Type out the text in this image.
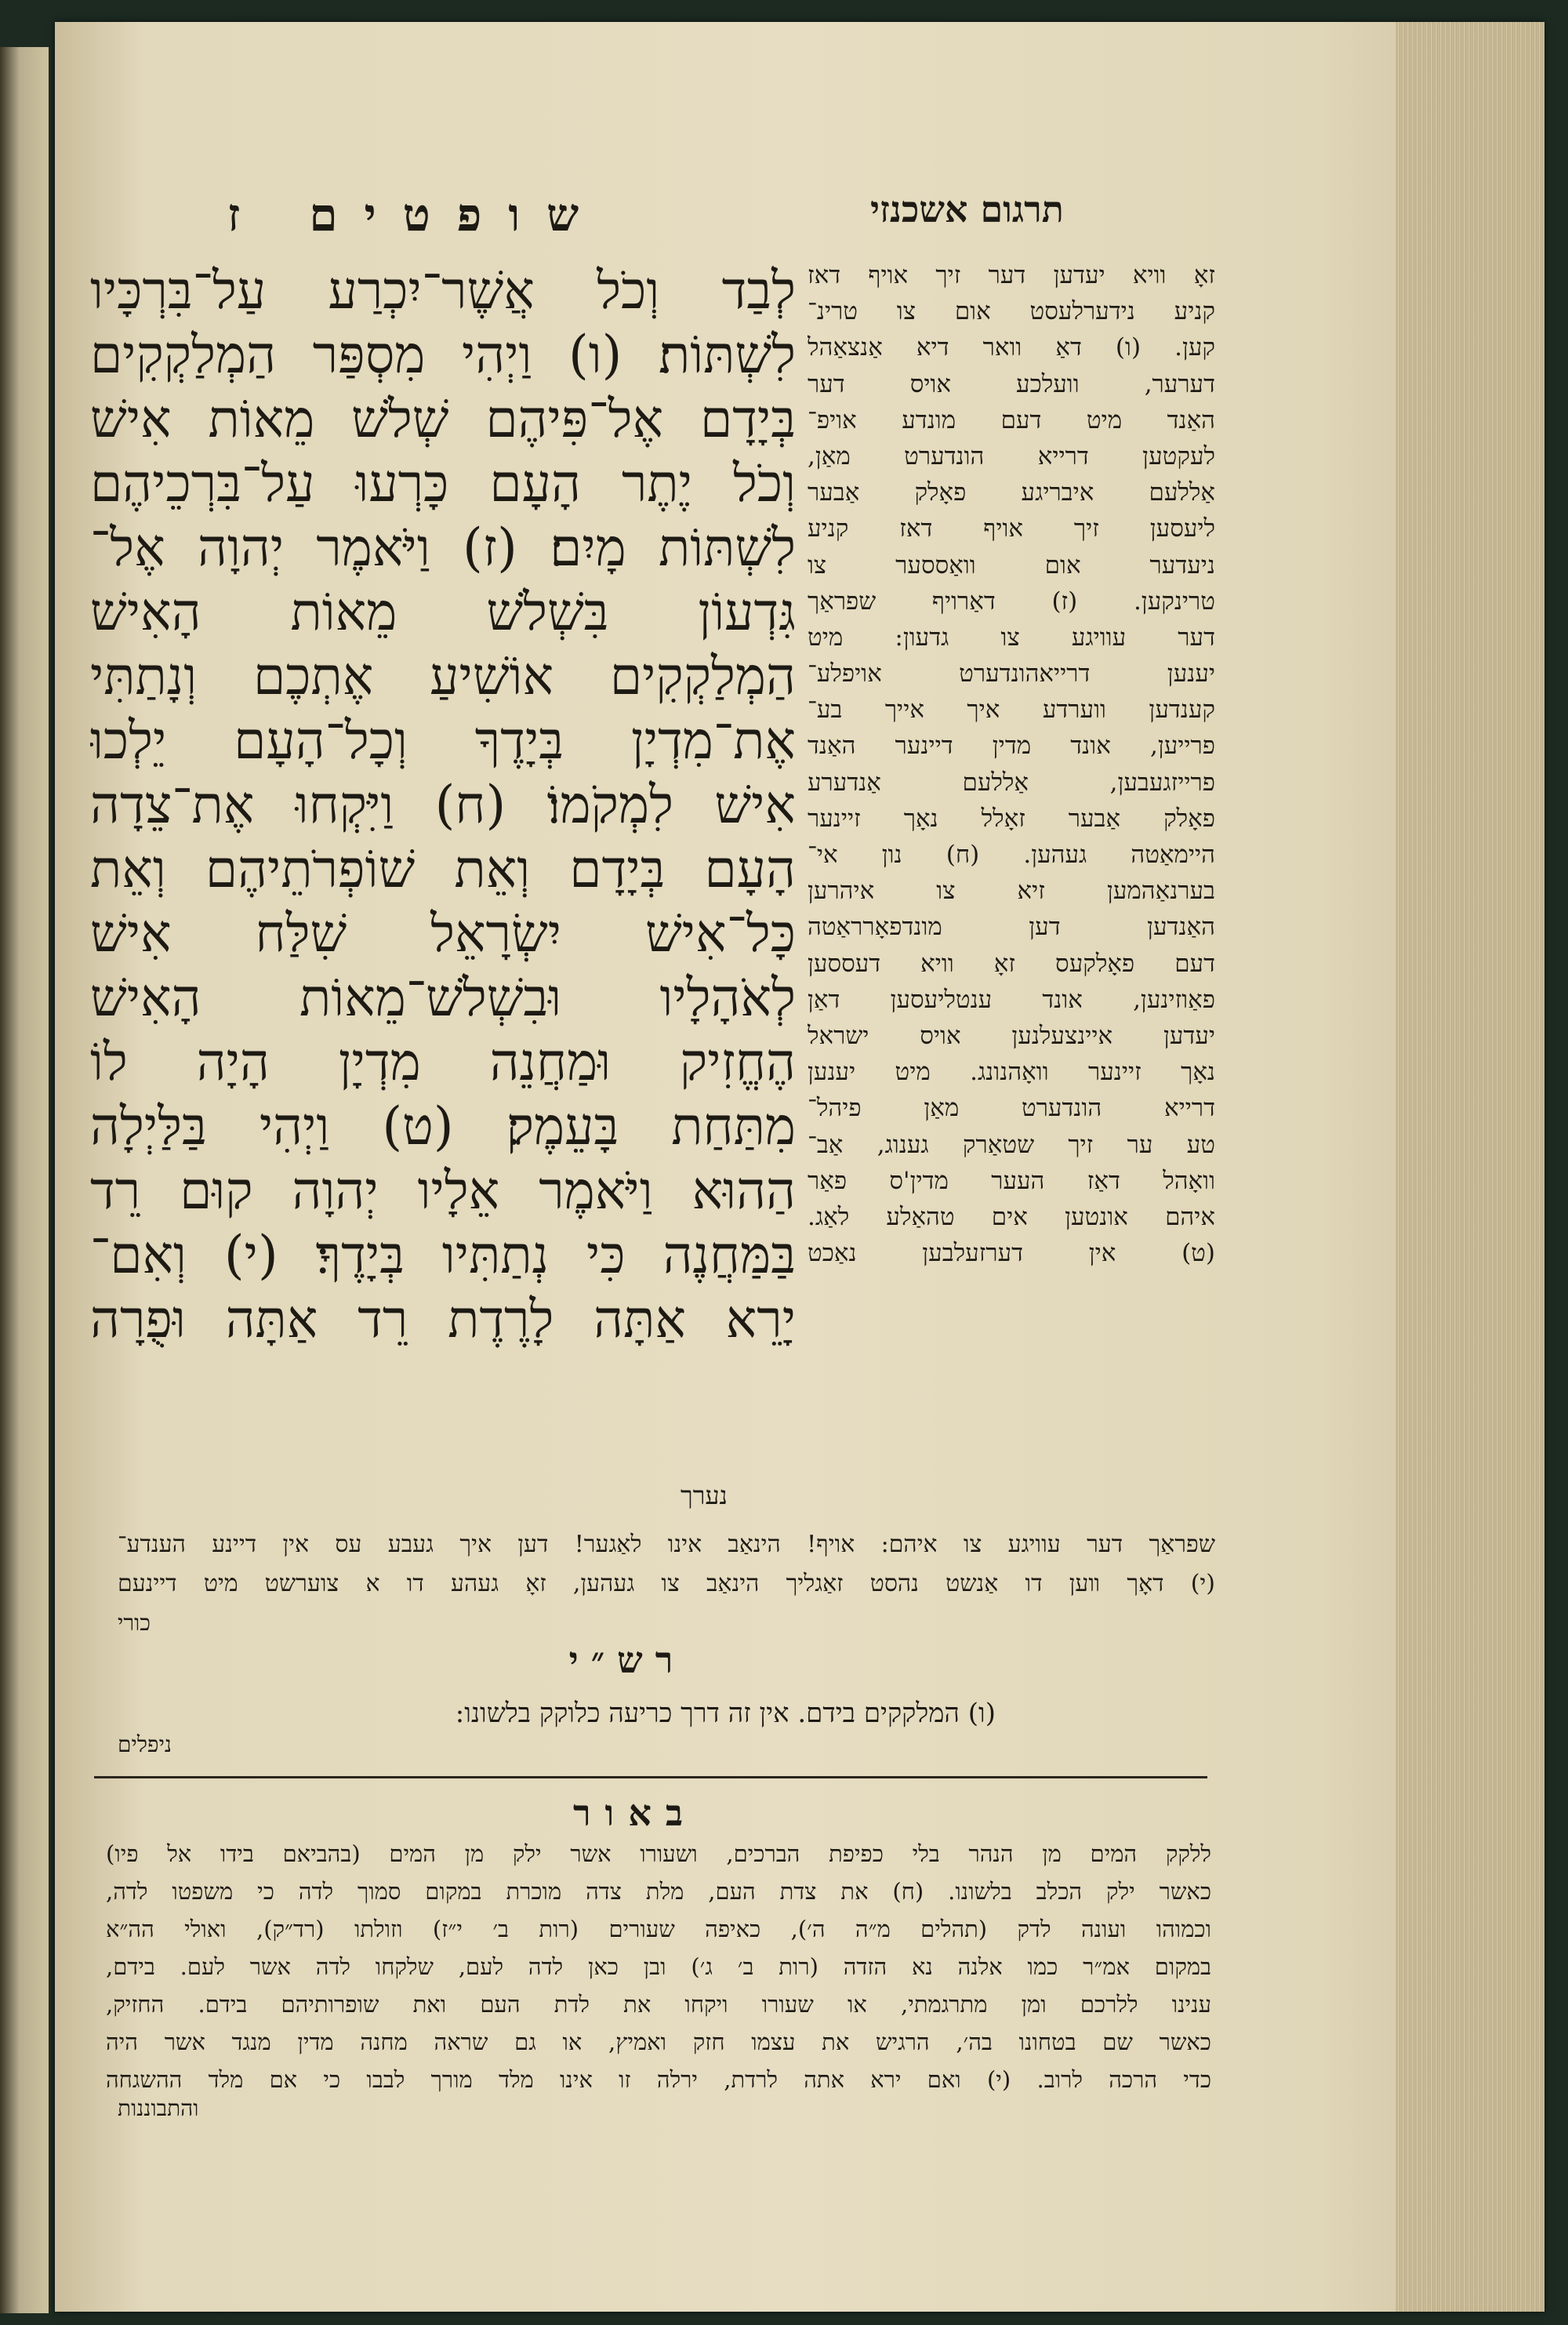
שופטים ז	תרגום אשכנזי
לְבַד וְכֹל אֲשֶׁר־יִכְרַע עַל־בִּרְכָּיו
לִשְׁתּוֹת׃ (ו) וַיְהִי מִסְפַּר הַמְלַקְקִים
בְּיָדָם אֶל־פִּיהֶם שְׁלֹשׁ מֵאוֹת אִישׁ
וְכֹל יֶתֶר הָעָם כָּרְעוּ עַל־בִּרְכֵיהֶם
לִשְׁתּוֹת מָיִם׃ (ז) וַיֹּאמֶר יְהוָה אֶל־
גִּדְעוֹן בִּשְׁלֹשׁ מֵאוֹת הָאִישׁ
הַמְלַקְקִים אוֹשִׁיעַ אֶתְכֶם וְנָתַתִּי
אֶת־מִדְיָן בְּיָדֶךָ וְכָל־הָעָם יֵלְכוּ
אִישׁ לִמְקֹמוֹ׃ (ח) וַיִּקְחוּ אֶת־צֵדָה
הָעָם בְּיָדָם וְאֵת שׁוֹפְרֹתֵיהֶם וְאֵת
כָּל־אִישׁ יִשְׂרָאֵל שִׁלַּח אִישׁ
לְאֹהָלָיו וּבִשְׁלֹשׁ־מֵאוֹת הָאִישׁ
הֶחֱזִיק וּמַחֲנֵה מִדְיָן הָיָה לוֹ
מִתַּחַת בָּעֵמֶק׃ (ט) וַיְהִי בַּלַּיְלָה
הַהוּא וַיֹּאמֶר אֵלָיו יְהוָה קוּם רֵד
בַּמַּחֲנֶה כִּי נְתַתִּיו בְּיָדֶךָ׃ (י) וְאִם־
יָרֵא אַתָּה לָרֶדֶת רֵד אַתָּה וּפֻרָה
נערך
זאָ וויא יעדען דער זיך אויף דאז
קניע נידערלעסט אום צו טרינ־
קען. (ו) דאַ וואר דיא אַנצאַהל
דערער, וועלכע אויס דער
האַנד מיט דעם מונדע אויפ־
לעקטען דרייא הונדערט מאַן,
אַללעם איבריגע פאָלק אַבער
ליעסען זיך אויף דאז קניע
ניעדער אום וואַססער צו
טרינקען. (ז) דאַרויף שפראַך
דער עוויגע צו גדעון: מיט
יענען דרייאהונדערט אויפלע־
קענדען ווערדע איך אייך בע־
פרייען, אונד מדין דיינער האַנד
פרייזגעבען, אַללעם אַנדערע
פאָלק אַבער זאָלל נאָך זיינער
היימאַטה געהען. (ח) נון אי־
בערנאַהמען זיא צו איהרען
האַנדען דען מונדפאָרראַטה
דעם פאָלקעס זאָ וויא דעססען
פאַוזינען, אונד ענטליעסען דאַן
יעדען איינצעלנען אויס ישראל
נאָך זיינער וואָהנונג. מיט יענען
דרייא הונדערט מאַן פיהל־
טע ער זיך שטאַרק גענוג, אַב־
וואָהל דאַז העער מדין'ס פאַר
איהם אונטען אים טהאַלע לאַג.
(ט) אין דערזעלבען נאַכט
שפראַך דער עוויגע צו איהם: אויף! הינאַב אינו לאַגער! דען איך געבע עס אין דיינע הענדע־
(י) דאָך װען דו אַנשט נהסט זאַגליך הינאַב צו געהען, זאָ געהע דו א צוערשט מיט דיינעם
כורי
רש״י
(ו) המלקקים בידם. אין זה דרך כריעה כלוקק בלשונו:
ניפלים
באור
ללקק המים מן הנהר בלי כפיפת הברכים, ושעורו אשר ילק מן המים (בהביאם בידו אל פיו)
כאשר ילק הכלב בלשונו. (ח) את צדת העם, מלת צדה מוכרת במקום סמוך לדה כי משפטו לדה,
וכמוהו ועונה לדק (תהלים מ״ה ה׳), כאיפה שעורים (רות ב׳ י״ז) וזולתו (רד״ק), ואולי הה״א
במקום אמ״ר כמו אלנה נא הזדה (רות ב׳ ג׳) ובן כאן לדה לעם, שלקחו לדה אשר לעם. בידם,
ענינו ללרכם ומן מתרגמתי, או שעורו ויקחו את לדת העם ואת שופרותיהם בידם. החזיק,
כאשר שם בטחונו בה׳, הרגיש את עצמו חזק ואמיץ, או גם שראה מחנה מדין מנגד אשר היה
כדי הרכה לרוב. (י) ואם ירא אתה לרדת, ירלה זו אינו מלד מורך לבבו כי אם מלד ההשגחה
והתבוננות
